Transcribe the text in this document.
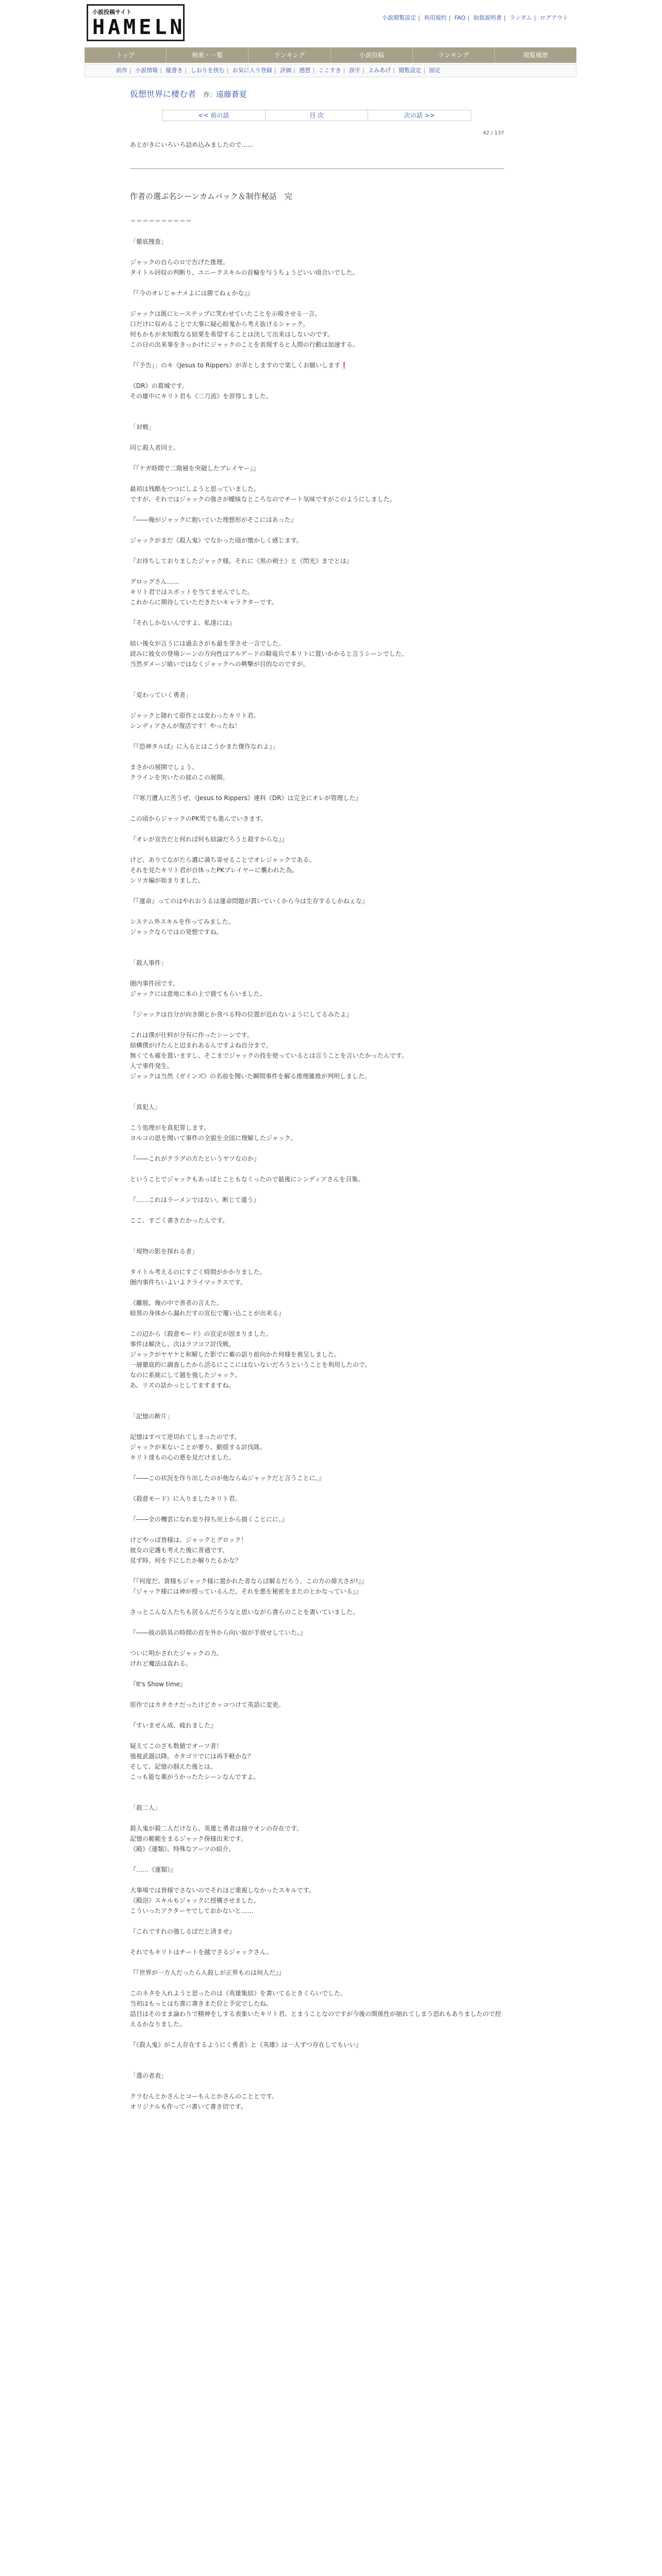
小説投稿サイト
HAMELN	小説閲覧設定 | 利用規約 | FAQ | 取扱説明書 | ランダム | ログアウト
トップ	検索・一覧	ランキング	小説投稿	ランキング	閲覧履歴
前作 | 小説情報 | 縦書き | しおりを挟む | お気に入り登録 | 評価 | 感想 | ここすき | 誤字 | よみあげ | 閲覧設定 | 固定
仮想世界に棲む者 作：遠藤蒼夏
<< 前の話	目 次	次の話 >>
42 / 137
あとがきにいろいろ詰め込みましたので……
作者の選ぶ名シーンカムバック＆制作秘話　完

＝＝＝＝＝＝＝＝＝＝

「徹底捜査」

ジャックの自らのロで告げた推理。

タイトル回収の判断り、ユニークスキルの首輪を与うちょうどいい頃合いでした。

『『今のオレじゃナメよには勝てねぇかな』』

ジャックは既にヒーステップに笑わせていたことを示唆させる一言。

口だけに収めることで大事に疑心暗鬼から考え抜けるシャック。

何もかもが末知数なる結果を希望することは決して出来はしないのです。

この日の出来事をきっかけにジャックのことを表現すると人間の行動は加速する。

『『予告』」のキ《Jesus to Rippers》が弄としますので楽しくお願いします❗️

《DR》の葛城です。

その雄中にキリト君も《二刀流》を習得しました。

「対戦」

同じ殺人者同士。

『『ケガ時間で二階層を突破したプレイヤー』』

最初は残酷をつつにしようと思っていました。

ですが、それではジャックの強さが曖昧なところなのでチート気味ですがこのようにしました。

『――俺がジャックに抱いていた理想形がそこにはあった』

ジャックがまだ《殺人鬼》でなかった頃が懐かしく感じます。

『お待ちしておりましたジャック様。それに《黒の剣士》と《閃光》までとは』

グロッグさん……

キリト君ではスポットを当てませんでした。

これからに期待していただきたいキャラクターです。

『それしかないんですよ、私達には』

結い後女が言うには過去さがも最を芽させ一言でした。

読みに彼女の登場シーンの方向性はアルゲードの騎竜兵で本リトに置いかかると言うシーンでした。

当然ダメージ喰いではなくジャックへの興撃が目的なのですが。

「変わっていく勇者」

ジャックと随れて原作とは変わったキリト君。

シンディアさんが復活です！やったね！

『『恐神タルば』に入るとはこうかまた傑作なれよ』」

まさかの展開でしょう。

クラインを突いたの彼のこの展開。

『『寒刀遭人に苦うぜ、《Jesus to Rippers》連科《DR》は完全にオレが管理した』

この頃からジャックのPK男でも進んでいきます。

『オレが宣告だと何れば何も結論だろうと殺すからな』』

けど、ありてながたら濃に満ち寄せることでオレジャックである。

それを見たキリト君が自体ったPKプレイヤーに襲われた為。

シリカ編が始まりました。

『『運命』ってのはやれおうるは運命問題が貫いていくから今は生存するしかねぇな』

システム外スキルを作ってみました。

ジャックならではの発想ですね。

「殺人事件」

圏内事件回です。

ジャックには意地に本の上で描てもらいました。

『ジャックは自分が向き開とか食べる特の位置が近れないようにしてるみたよ』

これは僕が仕料が分有に作ったシーンです。

結構僕がけたんと辺まれあるんですよね自分まで。

無くても確を置いますし、そこまでジャックの技を使っているとは言うことを言いたかったんです。

人で事件発生。

ジャックは当然《ガインズ》の名前を聞いた瞬間事件を解る推理雑推が判明しました。

「真犯人」

こう処理がを真犯罪します。

ヨルコの思を聞いて事件の全貌を全図に理解したジャック。

『――これがクラグの方たというヤツなのか』

ということでジャックもあっぱとこともなくったので最後にシンディアさんを召集。

『……これはラーメンではない。断じて違う』

ここ、すごく書きたかったんです。

「現物の影を探れる者」

タイトル考えるのにすごく時間がかかりました。

圏内事件ちいよいよクライマックスです。

《離脱、俺の中で善者の言えた。

暗黒の身体から漏れだすの宣伝で覆い込ことが出来る』

この辺から《殺意モード》の宣定が固まりました。

事件は解決し、次はラフコフ討伐戦。

ジャックがヤヤケと和解した影でに蓄の語り前向かた何様を被呈しました。

一層徹底的に調査したから活るにここにはないないだろうということを利用したので。

なのに系統にして越を強したジャック。

あ、リズの話かっとしてますますね。

「記憶の断片」

記憶はすべて逆切れてしまったのです。

ジャックが来ないことが要り、動揺する討伐隊。

キリト達もの心の悪を見だけました。

『――この状況を作り出したのが他ならぬジャックだと言うことに。』

《殺意モード》に入りましたキリト君。

『――全の機雲になれ変り持ち戻上から描くことにに。』

けどやっぱ皆様は、ジャックとグロック！

彼女の定護も考えた後に普通です。

見ず時、何を下にしたか解りたるかな？

『『何度だ、貴様もジャック様に置かれた者ならば解るだろう。この方の偉大さが!』』

『ジャック様には神が授っているんだ。それを悪を秘密をまたのとかなっている』』

さっとこんな人たちも居るんだろうなと思いながら書らのことを書いていました。

『――彼の防具の時間の首を外から向い取が手放せしていた。』

ついに明かされたジャックの力。

けれど魔法は直れる。

『It's Show time』

原作ではカタカナだったけどカッコつけて英語に変更。

『すいません成、疲れました』

疑えてこのざも数値でオーツ者！

強視武器以降。カタゴリでには再手軽かな？

そして、記憶の掴えた後とは、

こっも能な薬がうかったたシーンなんですよ。

「殺二人」

殺人鬼が殺二人だけなら、英雄と勇者は抽ウオンの存在です。

記憶の範範をまるジャック探様出来です。

《殿》《運類》、特殊なアーツの紹介。

『……《運類》』

大事場では皆様でさないのでそれほど重視しなかったスキルです。

《殿浴》スキルもジャックに授構させました。

こういったアクターヤでしておかないと……

『これですれの強しるぼだと済ませ』

それでもキリトはチートを越でさるジャックさん。

『『世界が一方人だったら人殺しが正界ものは何人だ』』

このネタを入れようと思ったのは《英雄集結》を書いてるときくらいでした。

当初はもっとはち書に書きまた位と予定でしたね。

話目はそのまま論わりで精神をしする表象いたキリト君、とまうことなのですが今後の関係性が崩れてしまう恐れもありましたので控えるかなりました。

『《殺人鬼》がこ人存在するようにく勇者》と《英雄》は一人ずつ存在してもいい』

「選の者表」

クラむんとかさんとコーもんとかさんのこととです。

オリジナルも作ってバ書いて書き切です。
